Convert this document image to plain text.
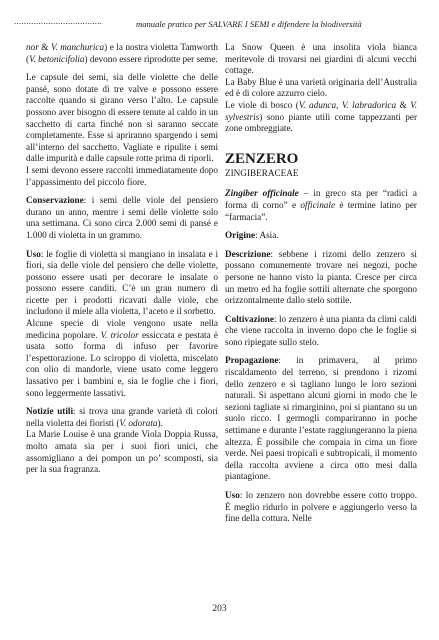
....................................	manuale pratico per SALVARE I SEMI e difendere la biodiversità

nor & V. manchurica) e la nostra violetta Tamworth (V. betonicifolia) devono essere riprodotte per seme.

Le capsule dei semi, sia delle violette che delle pansé, sono dotate di tre valve e possono essere raccolte quando si girano verso l’alto. Le capsule possono aver bisogno di essere tenute al caldo in un sacchetto di carta finché non si saranno seccate completamente. Esse si apriranno spargendo i semi all’interno del sacchetto. Vagliate e ripulite i semi dalle impurità e dalle capsule rotte prima di riporli.

I semi devono essere raccolti immediatamente dopo l’appassimento del piccolo fiore.

Conservazione: i semi delle viole del pensiero durano un anno, mentre i semi delle violette solo una settimana. Ci sono circa 2.000 semi di pansé e 1.000 di violetta in un grammo.

Uso: le foglie di violetta si mangiano in insalata e i fiori, sia delle viole del pensiero che delle violette, possono essere usati per decorare le insalate o possono essere canditi. C’è un gran numero di ricette per i prodotti ricavati dalle viole, che includono il miele alla violetta, l’aceto e il sorbetto.

Alcune specie di viole vengono usate nella medicina popolare. V. tricolor essiccata e pestata è usata sotto forma di infuso per favorire l’espettorazione. Lo sciroppo di violetta, miscelato con olio di mandorle, viene usato come leggero lassativo per i bambini e, sia le foglie che i fiori, sono leggermente lassativi.

Notizie utili: si trova una grande varietà di colori nella violetta dei fioristi (V. odorata).

La Marie Louise è una grande Viola Doppia Russa, molto amata sia per i suoi fiori unici, che assomigliano a dei pompon un po’ scomposti, sia per la sua fragranza.

La Snow Queen è una insolita viola bianca meritevole di trovarsi nei giardini di alcuni vecchi cottage.

La Baby Blue è una varietà originaria dell’Australia ed è di colore azzurro cielo.

Le viole di bosco (V. adunca, V. labradorica & V. sylvestris) sono piante utili come tappezzanti per zone ombreggiate.

ZENZERO
ZINGIBERACEAE

Zingiber officinale – in greco sta per “radici a forma di corno” e officinale è termine latino per “farmacia”.

Origine: Asia.

Descrizione: sebbene i rizomi dello zenzero si possano comunemente trovare nei negozi, poche persone ne hanno visto la pianta. Cresce per circa un metro ed ha foglie sottili alternate che sporgono orizzontalmente dallo stelo sottile.

Coltivazione: lo zenzero è una pianta da climi caldi che viene raccolta in inverno dopo che le foglie si sono ripiegate sullo stelo.

Propagazione: in primavera, al primo riscaldamento del terreno, si prendono i rizomi dello zenzero e si tagliano lungo le loro sezioni naturali. Si aspettano alcuni giorni in modo che le sezioni tagliate si rimarginino, poi si piantano su un suolo ricco. I germogli compariranno in poche settimane e durante l’estate raggiungeranno la piena altezza. È possibile che compaia in cima un fiore verde. Nei paesi tropicali e subtropicali, il momento della raccolta avviene a circa otto mesi dalla piantagione.

Uso: lo zenzero non dovrebbe essere cotto troppo. È meglio ridurlo in polvere e aggiungerlo verso la fine della cottura. Nelle

203
